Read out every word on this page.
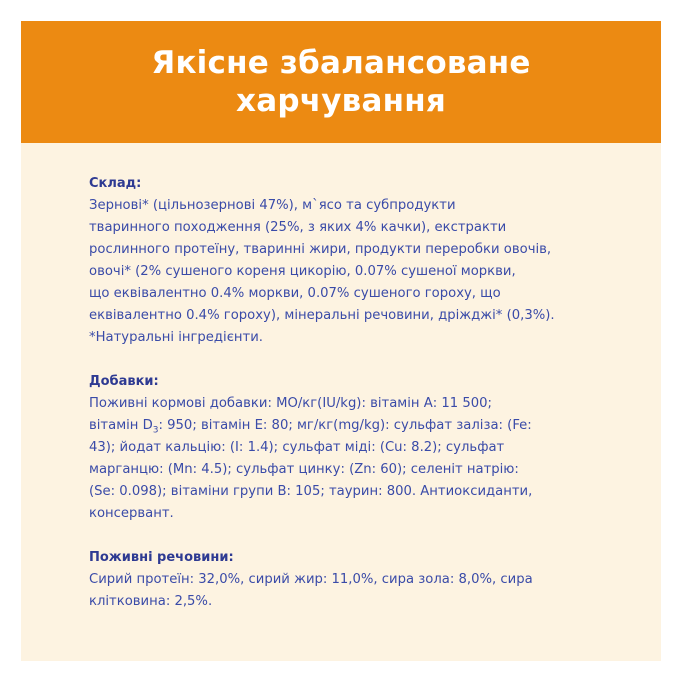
Якісне збалансоване
харчування
Склад:

Зернові* (цільнозернові 47%), м`ясо та субпродукти
тваринного походження (25%, з яких 4% качки), екстракти
рослинного протеїну, тваринні жири, продукти переробки овочів,
овочі* (2% сушеного кореня цикорію, 0.07% сушеної моркви,
що еквівалентно 0.4% моркви, 0.07% сушеного гороху, що
еквівалентно 0.4% гороху), мінеральні речовини, дріжджі* (0,3%).
*Натуральні інгредієнти.

Добавки:

Поживні кормові добавки: МО/кг(IU/kg): вітамін А: 11 500;
вітамін $D_3$: 950; вітамін Е: 80; мг/кг(mg/kg): сульфат заліза: (Fe:
43); йодат кальцію: (I: 1.4); сульфат міді: (Cu: 8.2); сульфат
марганцю: (Mn: 4.5); сульфат цинку: (Zn: 60); селеніт натрію:
(Se: 0.098); вітаміни групи В: 105; таурин: 800. Антиоксиданти,
консервант.

Поживні речовини:

Сирий протеїн: 32,0%, сирий жир: 11,0%, сира зола: 8,0%, сира
клітковина: 2,5%.
